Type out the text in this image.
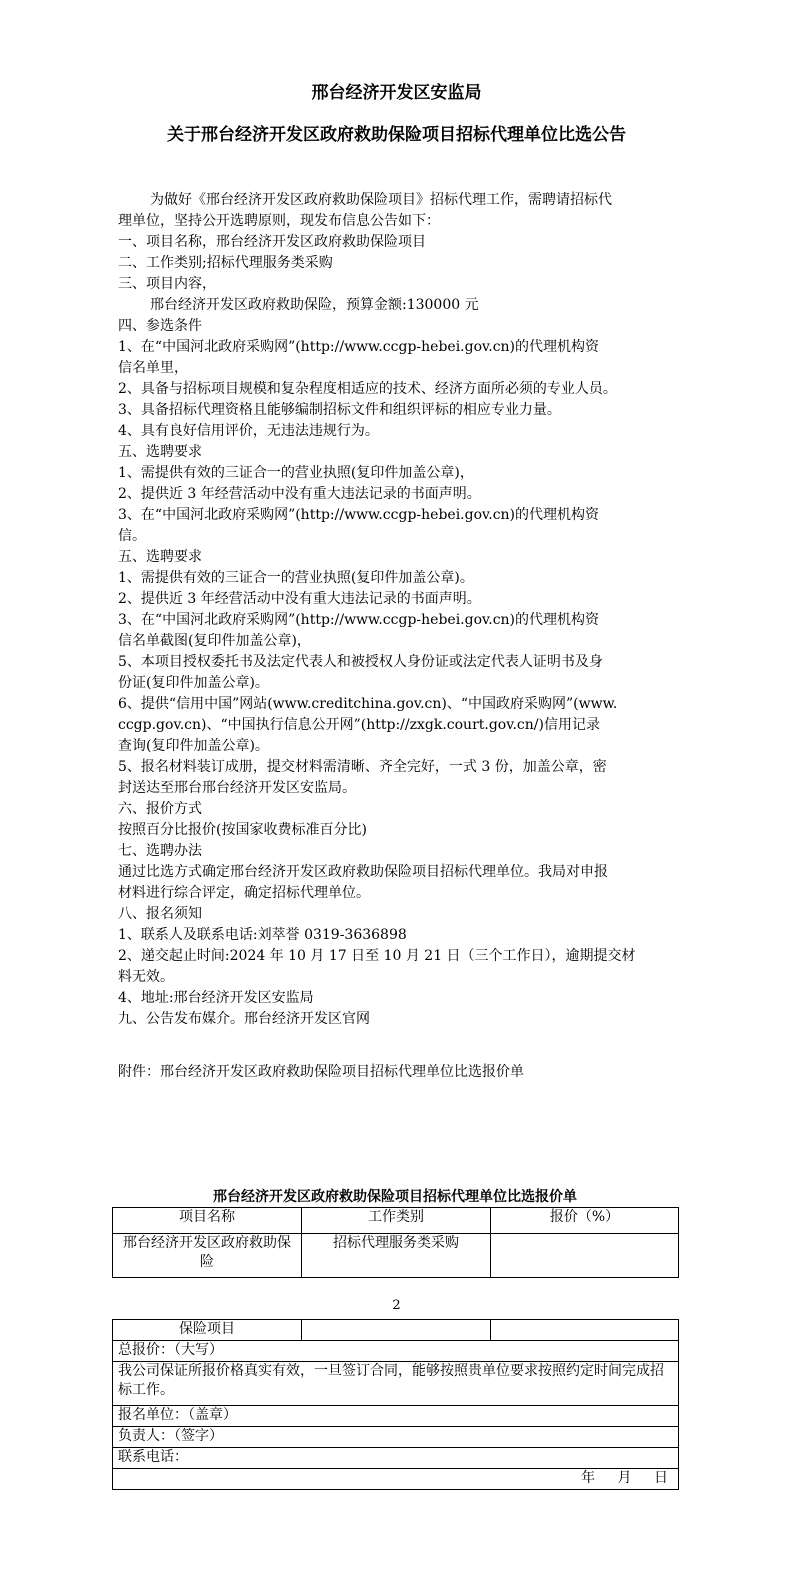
邢台经济开发区安监局
关于邢台经济开发区政府救助保险项目招标代理单位比选公告
为做好《邢台经济开发区政府救助保险项目》招标代理工作，需聘请招标代
理单位，坚持公开选聘原则，现发布信息公告如下：
一、项目名称，邢台经济开发区政府救助保险项目
二、工作类别;招标代理服务类采购
三、项目内容，
邢台经济开发区政府救助保险，预算金额:130000 元
四、参选条件
1、在“中国河北政府采购网”(http://www.ccgp-hebei.gov.cn)的代理机构资
信名单里，
2、具备与招标项目规模和复杂程度相适应的技术、经济方面所必须的专业人员。
3、具备招标代理资格且能够编制招标文件和组织评标的相应专业力量。
4、具有良好信用评价，无违法违规行为。
五、选聘要求
1、需提供有效的三证合一的营业执照(复印件加盖公章)，
2、提供近 3 年经营活动中没有重大违法记录的书面声明。
3、在“中国河北政府采购网”(http://www.ccgp-hebei.gov.cn)的代理机构资
信。
五、选聘要求
1、需提供有效的三证合一的营业执照(复印件加盖公章)。
2、提供近 3 年经营活动中没有重大违法记录的书面声明。
3、在“中国河北政府采购网”(http://www.ccgp-hebei.gov.cn)的代理机构资
信名单截图(复印件加盖公章)，
5、本项目授权委托书及法定代表人和被授权人身份证或法定代表人证明书及身
份证(复印件加盖公章)。
6、提供“信用中国”网站(www.creditchina.gov.cn)、“中国政府采购网”(www.
ccgp.gov.cn)、“中国执行信息公开网”(http://zxgk.court.gov.cn/)信用记录
查询(复印件加盖公章)。
5、报名材料装订成册，提交材料需清晰、齐全完好，一式 3 份，加盖公章，密
封送达至邢台邢台经济开发区安监局。
六、报价方式
按照百分比报价(按国家收费标准百分比)
七、选聘办法
通过比选方式确定邢台经济开发区政府救助保险项目招标代理单位。我局对申报
材料进行综合评定，确定招标代理单位。
八、报名须知
1、联系人及联系电话:刘萃誉 0319-3636898
2、递交起止时间:2024 年 10 月 17 日至 10 月 21 日（三个工作日），逾期提交材
料无效。
4、地址:邢台经济开发区安监局
九、公告发布媒介。邢台经济开发区官网
附件：邢台经济开发区政府救助保险项目招标代理单位比选报价单
邢台经济开发区政府救助保险项目招标代理单位比选报价单
项目名称	工作类别	报价（%）
邢台经济开发区政府救助保险	招标代理服务类采购	
2
保险项目		
总报价：（大写）
我公司保证所报价格真实有效，一旦签订合同，能够按照贵单位要求按照约定时间完成招标工作。
报名单位：（盖章）
负责人：（签字）
联系电话：
年 月 日
